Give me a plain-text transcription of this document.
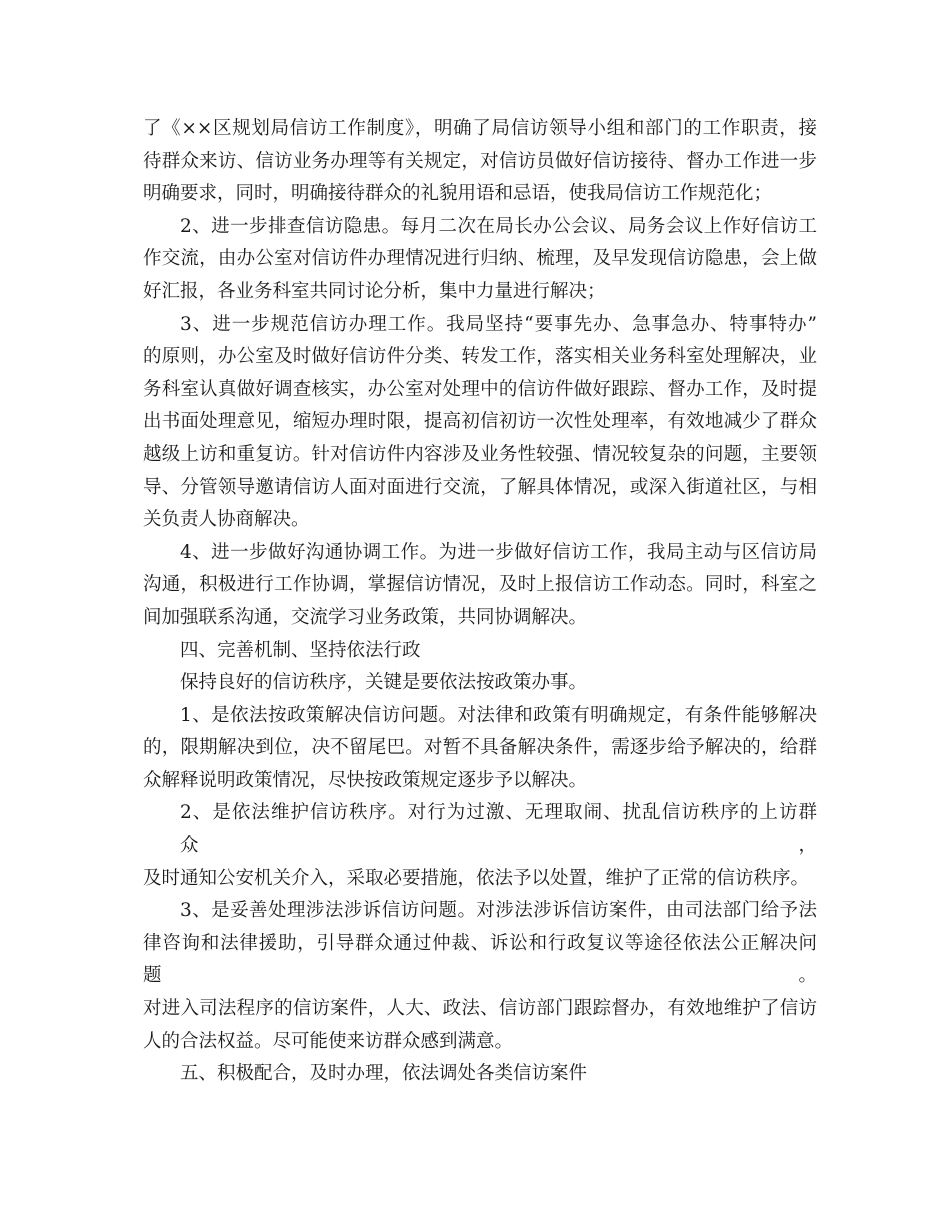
了《××区规划局信访工作制度》，明确了局信访领导小组和部门的工作职责，接
待群众来访、信访业务办理等有关规定，对信访员做好信访接待、督办工作进一步
明确要求，同时，明确接待群众的礼貌用语和忌语，使我局信访工作规范化；

2、进一步排查信访隐患。每月二次在局长办公会议、局务会议上作好信访工
作交流，由办公室对信访件办理情况进行归纳、梳理，及早发现信访隐患，会上做
好汇报，各业务科室共同讨论分析，集中力量进行解决；

3、进一步规范信访办理工作。我局坚持“要事先办、急事急办、特事特办”
的原则，办公室及时做好信访件分类、转发工作，落实相关业务科室处理解决，业
务科室认真做好调查核实，办公室对处理中的信访件做好跟踪、督办工作，及时提
出书面处理意见，缩短办理时限，提高初信初访一次性处理率，有效地减少了群众
越级上访和重复访。针对信访件内容涉及业务性较强、情况较复杂的问题，主要领
导、分管领导邀请信访人面对面进行交流，了解具体情况，或深入街道社区，与相
关负责人协商解决。

4、进一步做好沟通协调工作。为进一步做好信访工作，我局主动与区信访局
沟通，积极进行工作协调，掌握信访情况，及时上报信访工作动态。同时，科室之
间加强联系沟通，交流学习业务政策，共同协调解决。

四、完善机制、坚持依法行政

保持良好的信访秩序，关键是要依法按政策办事。

1、是依法按政策解决信访问题。对法律和政策有明确规定，有条件能够解决
的，限期解决到位，决不留尾巴。对暂不具备解决条件，需逐步给予解决的，给群
众解释说明政策情况，尽快按政策规定逐步予以解决。

2、是依法维护信访秩序。对行为过激、无理取闹、扰乱信访秩序的上访群众，
及时通知公安机关介入，采取必要措施，依法予以处置，维护了正常的信访秩序。

3、是妥善处理涉法涉诉信访问题。对涉法涉诉信访案件，由司法部门给予法
律咨询和法律援助，引导群众通过仲裁、诉讼和行政复议等途径依法公正解决问题。
对进入司法程序的信访案件，人大、政法、信访部门跟踪督办，有效地维护了信访
人的合法权益。尽可能使来访群众感到满意。

五、积极配合，及时办理，依法调处各类信访案件
